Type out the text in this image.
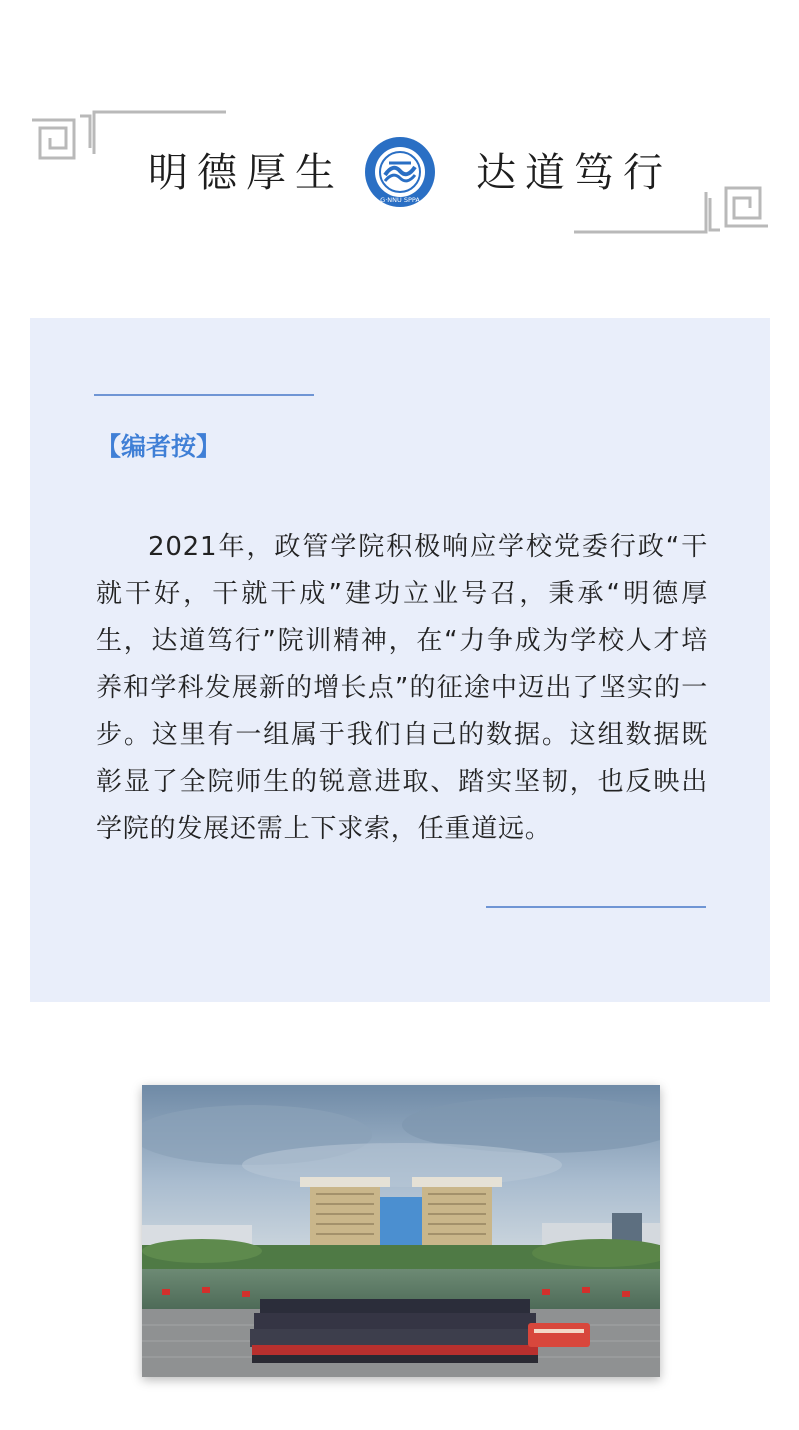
明德厚生
G·NNU SPPA
达道笃行
【编者按】

2021年，政管学院积极响应学校党委行政“干就干好，干就干成”建功立业号召，秉承“明德厚生，达道笃行”院训精神，在“力争成为学校人才培养和学科发展新的增长点”的征途中迈出了坚实的一步。这里有一组属于我们自己的数据。这组数据既彰显了全院师生的锐意进取、踏实坚韧，也反映出学院的发展还需上下求索，任重道远。
